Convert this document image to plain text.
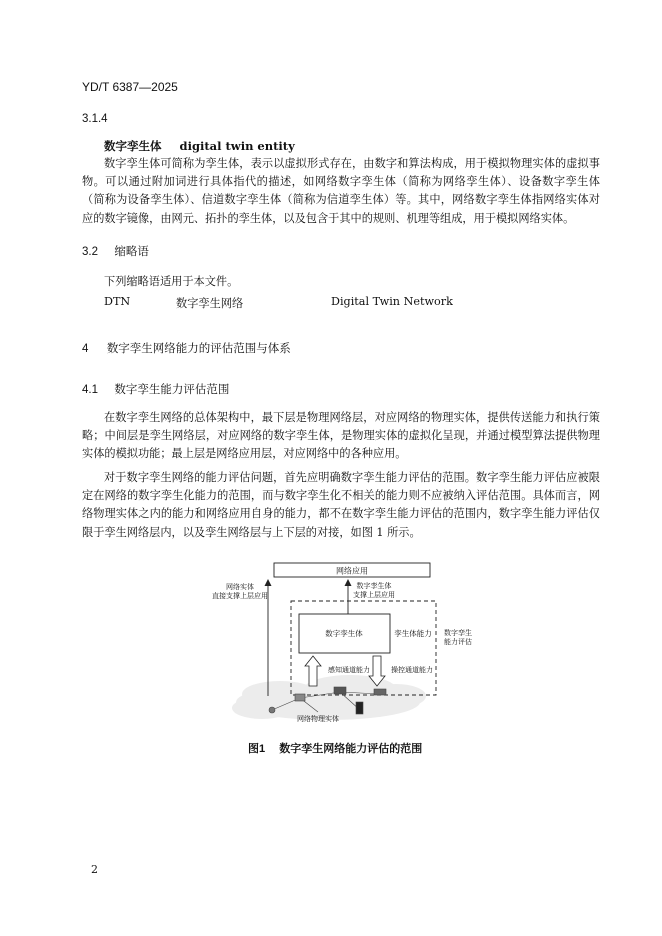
YD/T 6387—2025
3.1.4
数字孪生体 digital twin entity
数字孪生体可简称为孪生体，表示以虚拟形式存在，由数字和算法构成，用于模拟物理实体的虚拟事物。可以通过附加词进行具体指代的描述，如网络数字孪生体（简称为网络孪生体）、设备数字孪生体（简称为设备孪生体）、信道数字孪生体（简称为信道孪生体）等。其中，网络数字孪生体指网络实体对应的数字镜像，由网元、拓扑的孪生体，以及包含于其中的规则、机理等组成，用于模拟网络实体。
3.2 缩略语
下列缩略语适用于本文件。
DTN	数字孪生网络	Digital Twin Network
4 数字孪生网络能力的评估范围与体系
4.1 数字孪生能力评估范围
在数字孪生网络的总体架构中，最下层是物理网络层，对应网络的物理实体，提供传送能力和执行策略；中间层是孪生网络层，对应网络的数字孪生体，是物理实体的虚拟化呈现，并通过模型算法提供物理实体的模拟功能；最上层是网络应用层，对应网络中的各种应用。
对于数字孪生网络的能力评估问题，首先应明确数字孪生能力评估的范围。数字孪生能力评估应被限定在网络的数字孪生化能力的范围，而与数字孪生化不相关的能力则不应被纳入评估范围。具体而言，网络物理实体之内的能力和网络应用自身的能力，都不在数字孪生能力评估的范围内，数字孪生能力评估仅限于孪生网络层内，以及孪生网络层与上下层的对接，如图 1 所示。
网络应用
网络实体
直接支撑上层应用
数字孪生体
支撑上层应用
数字孪生
能力评估
数字孪生体	孪生体能力
感知通道能力	操控通道能力
网络物理实体
图1 数字孪生网络能力评估的范围
2
